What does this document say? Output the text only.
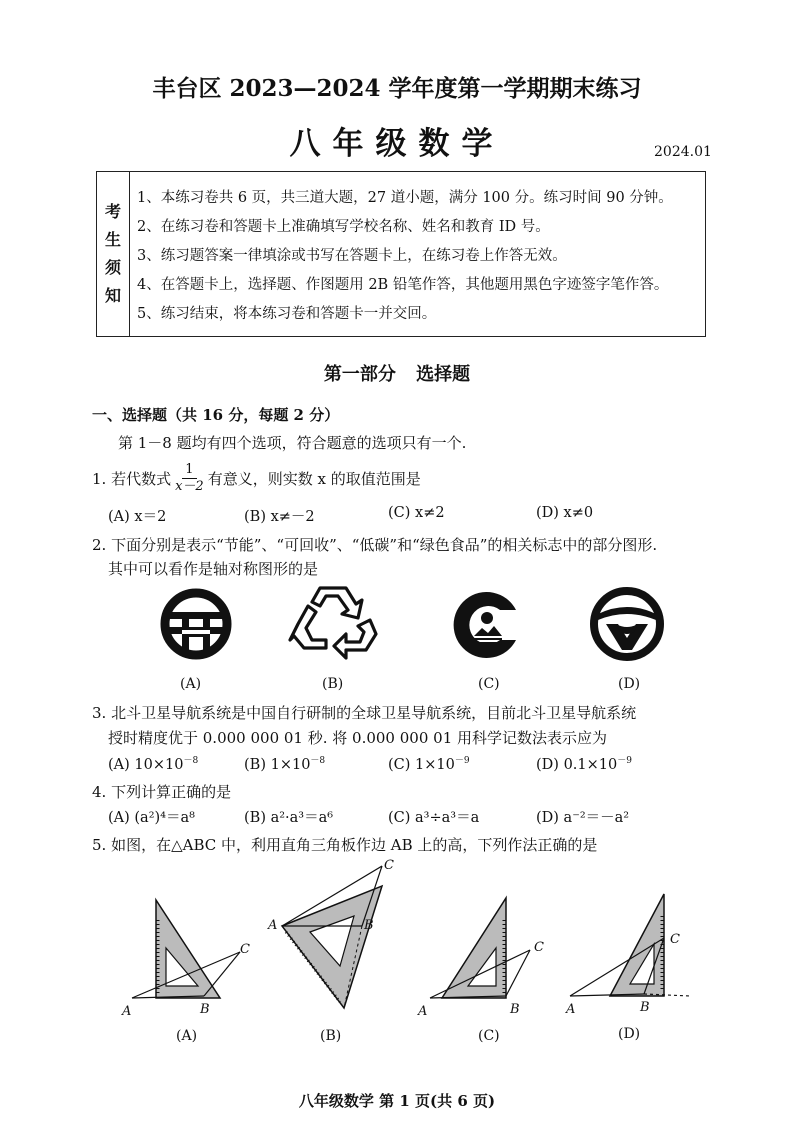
丰台区 2023—2024 学年度第一学期期末练习
八年级数学	2024.01
考
生
须
知
1、本练习卷共 6 页，共三道大题，27 道小题，满分 100 分。练习时间 90 分钟。
2、在练习卷和答题卡上准确填写学校名称、姓名和教育 ID 号。
3、练习题答案一律填涂或书写在答题卡上，在练习卷上作答无效。
4、在答题卡上，选择题、作图题用 2B 铅笔作答，其他题用黑色字迹签字笔作答。
5、练习结束，将本练习卷和答题卡一并交回。
第一部分 选择题
一、选择题（共 16 分，每题 2 分）
第 1－8 题均有四个选项，符合题意的选项只有一个.
1. 若代数式 $\frac{1}{x-2}$ 有意义，则实数 x 的取值范围是
(A) x＝2	(B) x≠－2	(C) x≠2	(D) x≠0
2. 下面分别是表示“节能”、“可回收”、“低碳”和“绿色食品”的相关标志中的部分图形.
其中可以看作是轴对称图形的是
(A)	(B)	(C)	(D)
3. 北斗卫星导航系统是中国自行研制的全球卫星导航系统，目前北斗卫星导航系统
授时精度优于 0.000 000 01 秒. 将 0.000 000 01 用科学记数法表示应为
(A) $10\times 10^{-8}$	(B) $1\times 10^{-8}$	(C) $1\times 10^{-9}$	(D) $0.1\times 10^{-9}$
4. 下列计算正确的是
(A) (a²)⁴＝a⁸	(B) a²·a³＝a⁶	(C) a³÷a³＝a	(D) a⁻²＝－a²
5. 如图，在△ABC 中，利用直角三角板作边 AB 上的高，下列作法正确的是
A	B
C
(A)
A	B
C
(B)
A	B
C
(C)
A	B
C
(D)
八年级数学 第 1 页(共 6 页)
